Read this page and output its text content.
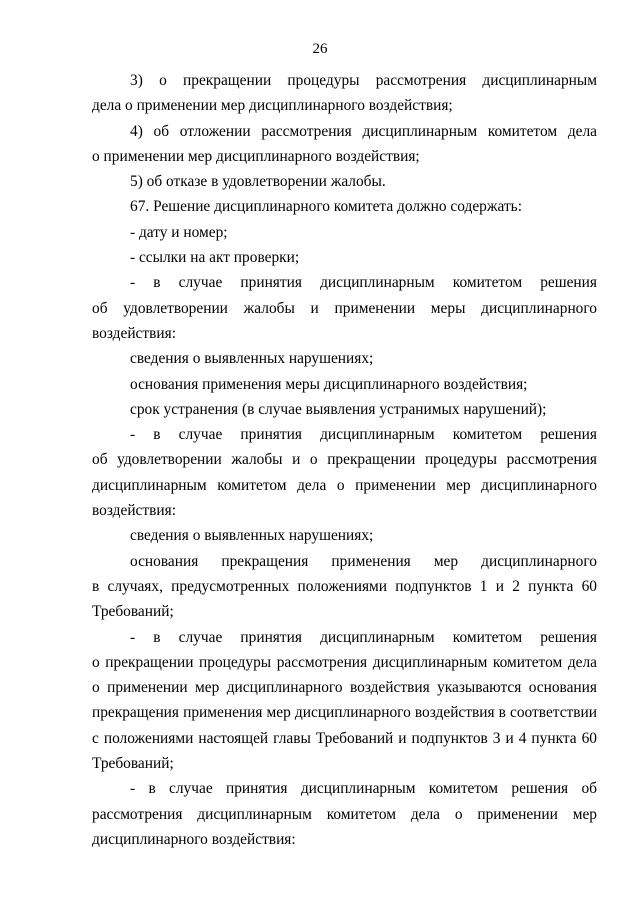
26
3) о прекращении процедуры рассмотрения дисциплинарным
дела о применении мер дисциплинарного воздействия;
4) об отложении рассмотрения дисциплинарным комитетом дела
о применении мер дисциплинарного воздействия;
5) об отказе в удовлетворении жалобы.
67. Решение дисциплинарного комитета должно содержать:
- дату и номер;
- ссылки на акт проверки;
- в случае принятия дисциплинарным комитетом решения
об удовлетворении жалобы и применении меры дисциплинарного
воздействия:
сведения о выявленных нарушениях;
основания применения меры дисциплинарного воздействия;
срок устранения (в случае выявления устранимых нарушений);
- в случае принятия дисциплинарным комитетом решения
об удовлетворении жалобы и о прекращении процедуры рассмотрения
дисциплинарным комитетом дела о применении мер дисциплинарного
воздействия:
сведения о выявленных нарушениях;
основания прекращения применения мер дисциплинарного
в случаях, предусмотренных положениями подпунктов 1 и 2 пункта 60
Требований;
- в случае принятия дисциплинарным комитетом решения
о прекращении процедуры рассмотрения дисциплинарным комитетом дела
о применении мер дисциплинарного воздействия указываются основания
прекращения применения мер дисциплинарного воздействия в соответствии
с положениями настоящей главы Требований и подпунктов 3 и 4 пункта 60
Требований;
- в случае принятия дисциплинарным комитетом решения об
рассмотрения дисциплинарным комитетом дела о применении мер
дисциплинарного воздействия:
